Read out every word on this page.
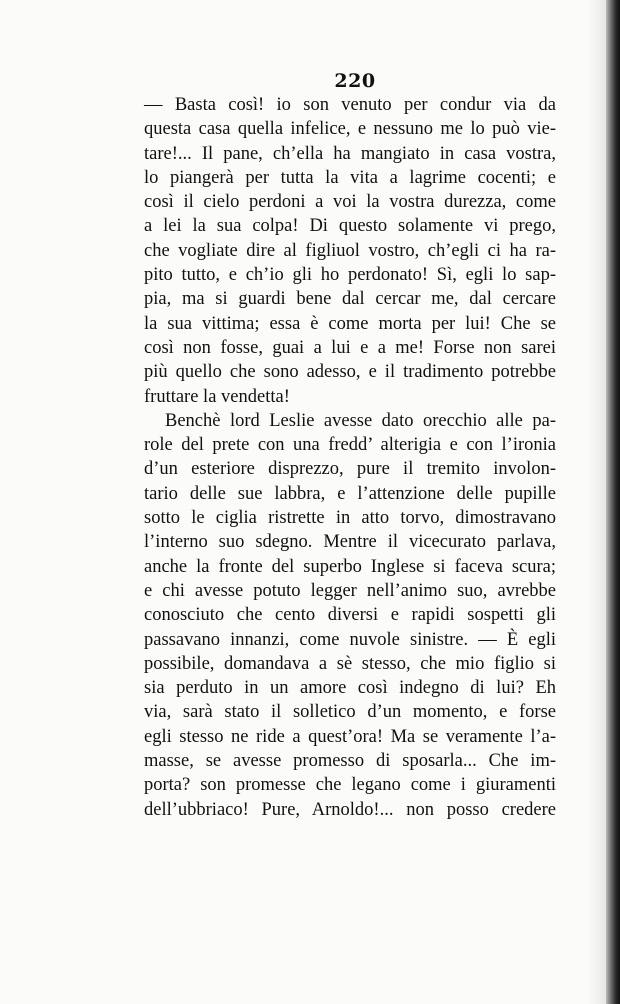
220
— Basta così! io son venuto per condur via da
questa casa quella infelice, e nessuno me lo può vie-
tare!... Il pane, ch’ella ha mangiato in casa vostra,
lo piangerà per tutta la vita a lagrime cocenti; e
così il cielo perdoni a voi la vostra durezza, come
a lei la sua colpa! Di questo solamente vi prego,
che vogliate dire al figliuol vostro, ch’egli ci ha ra-
pito tutto, e ch’io gli ho perdonato! Sì, egli lo sap-
pia, ma si guardi bene dal cercar me, dal cercare
la sua vittima; essa è come morta per lui! Che se
così non fosse, guai a lui e a me! Forse non sarei
più quello che sono adesso, e il tradimento potrebbe
fruttare la vendetta!
Benchè lord Leslie avesse dato orecchio alle pa-
role del prete con una fredd’ alterigia e con l’ironia
d’un esteriore disprezzo, pure il tremito involon-
tario delle sue labbra, e l’attenzione delle pupille
sotto le ciglia ristrette in atto torvo, dimostravano
l’interno suo sdegno. Mentre il vicecurato parlava,
anche la fronte del superbo Inglese si faceva scura;
e chi avesse potuto legger nell’animo suo, avrebbe
conosciuto che cento diversi e rapidi sospetti gli
passavano innanzi, come nuvole sinistre. — È egli
possibile, domandava a sè stesso, che mio figlio si
sia perduto in un amore così indegno di lui? Eh
via, sarà stato il solletico d’un momento, e forse
egli stesso ne ride a quest’ora! Ma se veramente l’a-
masse, se avesse promesso di sposarla... Che im-
porta? son promesse che legano come i giuramenti
dell’ubbriaco! Pure, Arnoldo!... non posso credere
